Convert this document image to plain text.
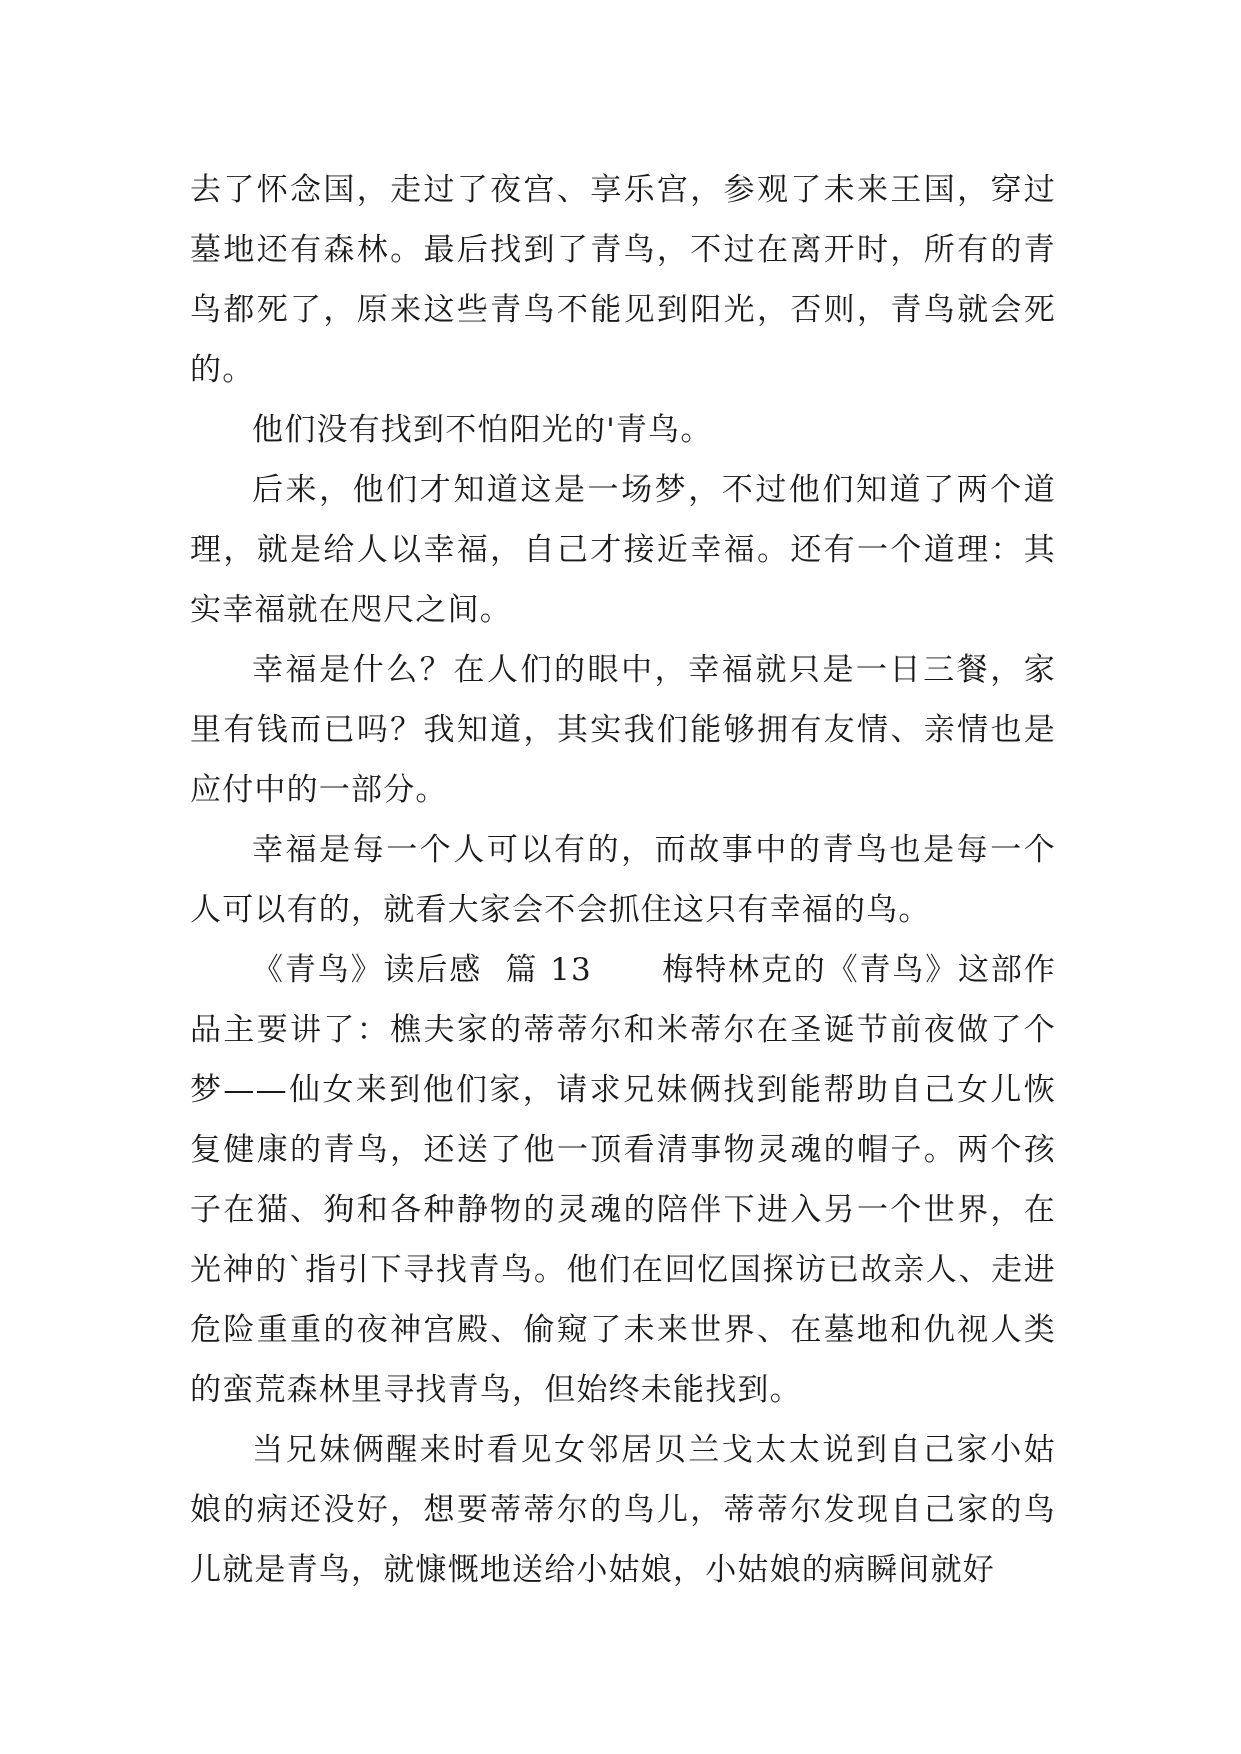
去了怀念国，走过了夜宫、享乐宫，参观了未来王国，穿过墓地还有森林。最后找到了青鸟，不过在离开时，所有的青鸟都死了，原来这些青鸟不能见到阳光，否则，青鸟就会死的。

他们没有找到不怕阳光的'青鸟。

后来，他们才知道这是一场梦，不过他们知道了两个道理，就是给人以幸福，自己才接近幸福。还有一个道理：其实幸福就在咫尺之间。

幸福是什么？在人们的眼中，幸福就只是一日三餐，家里有钱而已吗？我知道，其实我们能够拥有友情、亲情也是应付中的一部分。

幸福是每一个人可以有的，而故事中的青鸟也是每一个人可以有的，就看大家会不会抓住这只有幸福的鸟。

《青鸟》读后感  篇 13      梅特林克的《青鸟》这部作品主要讲了：樵夫家的蒂蒂尔和米蒂尔在圣诞节前夜做了个梦——仙女来到他们家，请求兄妹俩找到能帮助自己女儿恢复健康的青鸟，还送了他一顶看清事物灵魂的帽子。两个孩子在猫、狗和各种静物的灵魂的陪伴下进入另一个世界，在光神的`指引下寻找青鸟。他们在回忆国探访已故亲人、走进危险重重的夜神宫殿、偷窥了未来世界、在墓地和仇视人类的蛮荒森林里寻找青鸟，但始终未能找到。

当兄妹俩醒来时看见女邻居贝兰戈太太说到自己家小姑娘的病还没好，想要蒂蒂尔的鸟儿，蒂蒂尔发现自己家的鸟儿就是青鸟，就慷慨地送给小姑娘，小姑娘的病瞬间就好
